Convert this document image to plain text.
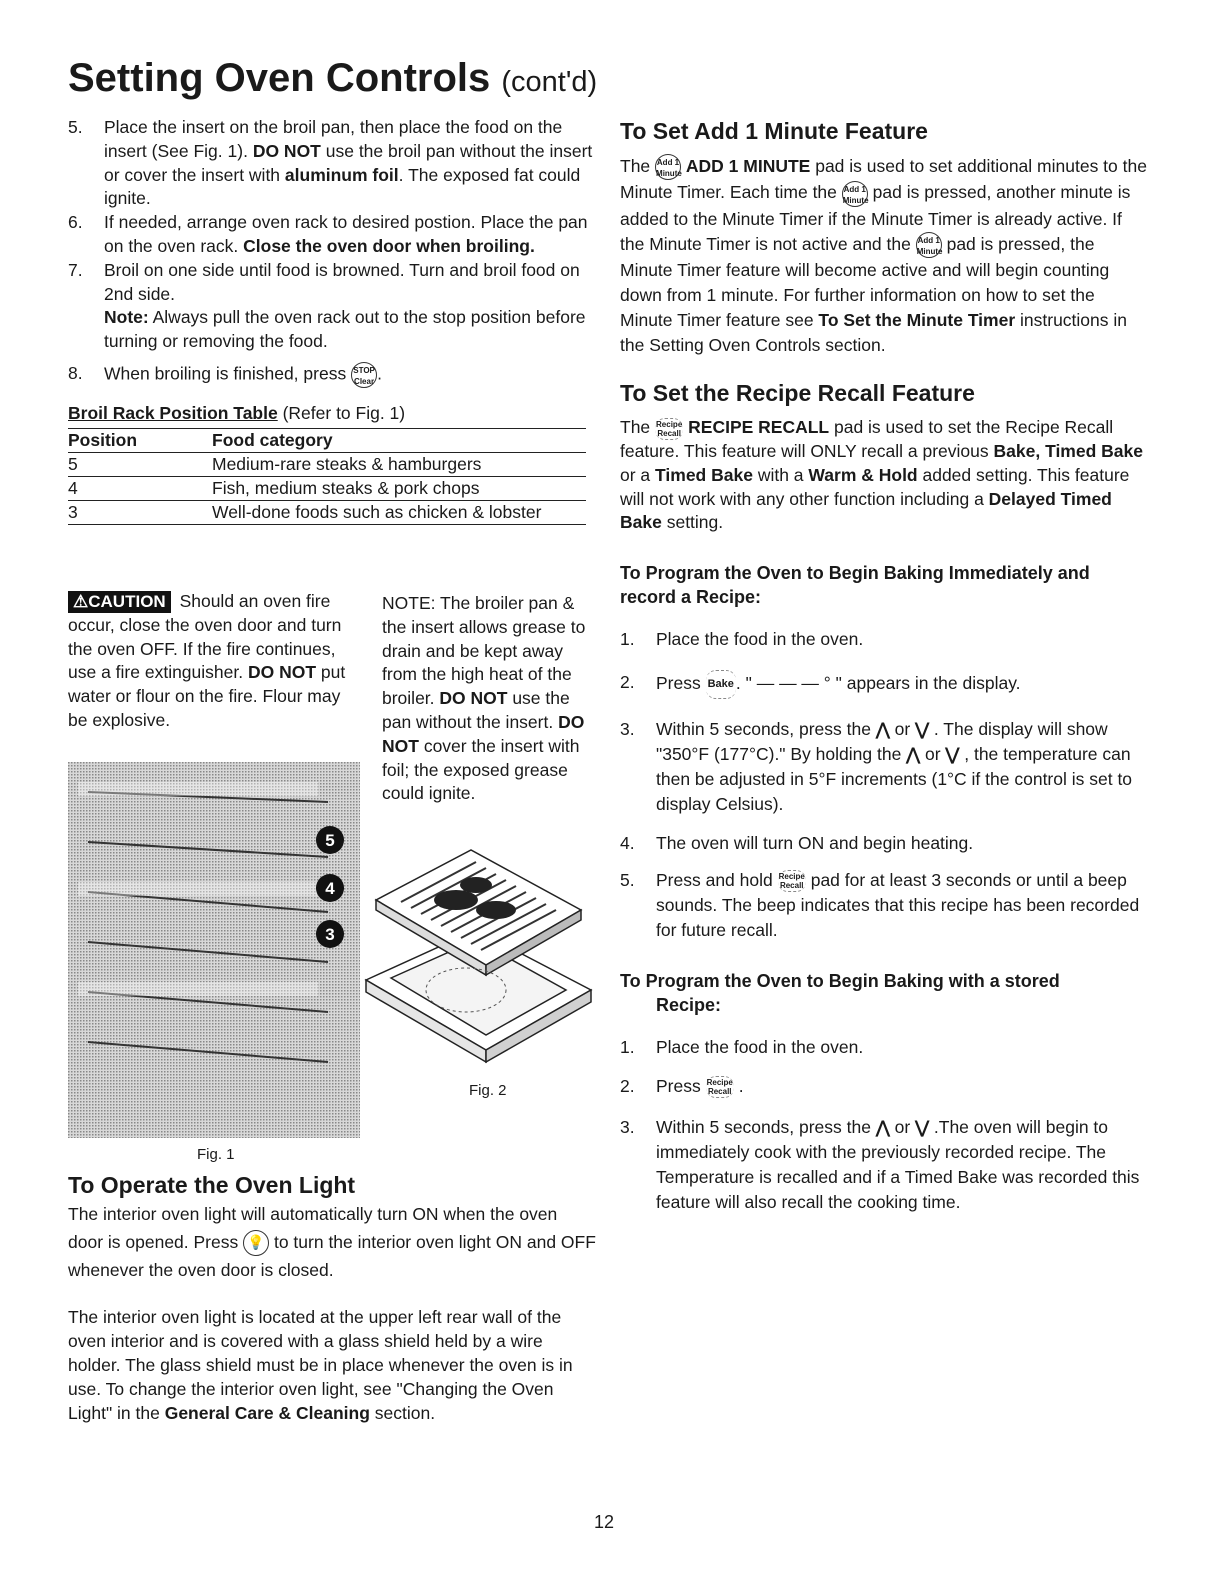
Setting Oven Controls (cont'd)
5. Place the insert on the broil pan, then place the food on the insert (See Fig. 1). DO NOT use the broil pan without the insert or cover the insert with aluminum foil. The exposed fat could ignite.
6. If needed, arrange oven rack to desired postion. Place the pan on the oven rack. Close the oven door when broiling.
7. Broil on one side until food is browned. Turn and broil food on 2nd side.
Note: Always pull the oven rack out to the stop position before turning or removing the food.
8. When broiling is finished, press STOP
Clear .
Broil Rack Position Table (Refer to Fig. 1)
Position	Food category
5	Medium-rare steaks & hamburgers
4	Fish, medium steaks & pork chops
3	Well-done foods such as chicken & lobster
⚠CAUTION Should an oven fire occur, close the oven door and turn the oven OFF. If the fire continues, use a fire extinguisher. DO NOT put water or flour on the fire. Flour may be explosive.
NOTE: The broiler pan & the insert allows grease to drain and be kept away from the high heat of the broiler. DO NOT use the pan without the insert. DO NOT cover the insert with foil; the exposed grease could ignite.
5
4
3
Fig. 1
Fig. 2
To Operate the Oven Light

The interior oven light will automatically turn ON when the oven door is opened. Press 💡 to turn the interior oven light ON and OFF whenever the oven door is closed.

The interior oven light is located at the upper left rear wall of the oven interior and is covered with a glass shield held by a wire holder. The glass shield must be in place whenever the oven is in use. To change the interior oven light, see "Changing the Oven Light" in the General Care & Cleaning section.

To Set Add 1 Minute Feature

The Add 1
Minute ADD 1 MINUTE pad is used to set additional minutes to the Minute Timer. Each time the Add 1
Minute pad is pressed, another minute is added to the Minute Timer if the Minute Timer is already active. If the Minute Timer is not active and the Add 1
Minute pad is pressed, the Minute Timer feature will become active and will begin counting down from 1 minute. For further information on how to set the Minute Timer feature see To Set the Minute Timer instructions in the Setting Oven Controls section.

To Set the Recipe Recall Feature

The Recipe
Recall RECIPE RECALL pad is used to set the Recipe Recall feature. This feature will ONLY recall a previous Bake, Timed Bake or a Timed Bake with a Warm & Hold added setting. This feature will not work with any other function including a Delayed Timed Bake setting.

To Program the Oven to Begin Baking Immediately and record a Recipe:
1. Place the food in the oven.
2. Press Bake . " — — — ° " appears in the display.
3. Within 5 seconds, press the ⋀ or ⋁ . The display will show "350°F (177°C)." By holding the ⋀ or ⋁ , the temperature can then be adjusted in 5°F increments (1°C if the control is set to display Celsius).
4. The oven will turn ON and begin heating.
5. Press and hold Recipe
Recall pad for at least 3 seconds or until a beep sounds. The beep indicates that this recipe has been recorded for future recall.
To Program the Oven to Begin Baking with a stored
Recipe:
1. Place the food in the oven.
2. Press Recipe
Recall .
3. Within 5 seconds, press the ⋀ or ⋁ .The oven will begin to immediately cook with the previously recorded recipe. The Temperature is recalled and if a Timed Bake was recorded this feature will also recall the cooking time.
12
